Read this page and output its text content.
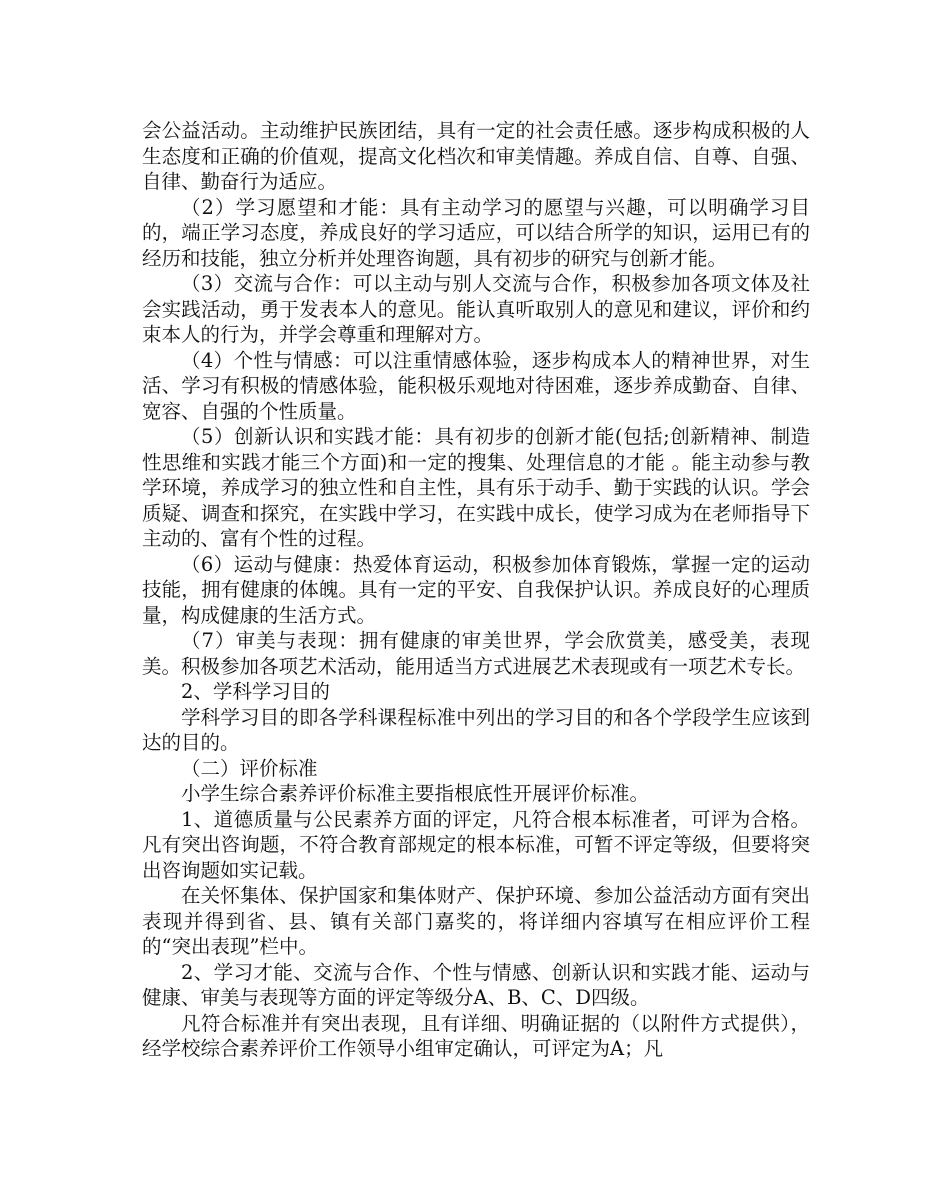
会公益活动。主动维护民族团结，具有一定的社会责任感。逐步构成积极的人生态度和正确的价值观，提高文化档次和审美情趣。养成自信、自尊、自强、自律、勤奋行为适应。

（2）学习愿望和才能：具有主动学习的愿望与兴趣，可以明确学习目的，端正学习态度，养成良好的学习适应，可以结合所学的知识，运用已有的经历和技能，独立分析并处理咨询题，具有初步的研究与创新才能。

（3）交流与合作：可以主动与别人交流与合作，积极参加各项文体及社会实践活动，勇于发表本人的意见。能认真听取别人的意见和建议，评价和约束本人的行为，并学会尊重和理解对方。

（4）个性与情感：可以注重情感体验，逐步构成本人的精神世界，对生活、学习有积极的情感体验，能积极乐观地对待困难，逐步养成勤奋、自律、宽容、自强的个性质量。

（5）创新认识和实践才能：具有初步的创新才能(包括;创新精神、制造性思维和实践才能三个方面)和一定的搜集、处理信息的才能 。能主动参与教学环境，养成学习的独立性和自主性，具有乐于动手、勤于实践的认识。学会质疑、调查和探究，在实践中学习，在实践中成长，使学习成为在老师指导下主动的、富有个性的过程。

（6）运动与健康：热爱体育运动，积极参加体育锻炼，掌握一定的运动技能，拥有健康的体魄。具有一定的平安、自我保护认识。养成良好的心理质量，构成健康的生活方式。

（7）审美与表现：拥有健康的审美世界，学会欣赏美，感受美，表现美。积极参加各项艺术活动，能用适当方式进展艺术表现或有一项艺术专长。

2、学科学习目的

学科学习目的即各学科课程标准中列出的学习目的和各个学段学生应该到达的目的。

（二）评价标准

小学生综合素养评价标准主要指根底性开展评价标准。

1、道德质量与公民素养方面的评定，凡符合根本标准者，可评为合格。凡有突出咨询题，不符合教育部规定的根本标准，可暂不评定等级，但要将突出咨询题如实记载。

在关怀集体、保护国家和集体财产、保护环境、参加公益活动方面有突出表现并得到省、县、镇有关部门嘉奖的，将详细内容填写在相应评价工程的“突出表现”栏中。

2、学习才能、交流与合作、个性与情感、创新认识和实践才能、运动与健康、审美与表现等方面的评定等级分A、B、C、D四级。

凡符合标准并有突出表现，且有详细、明确证据的（以附件方式提供），经学校综合素养评价工作领导小组审定确认，可评定为A；凡
